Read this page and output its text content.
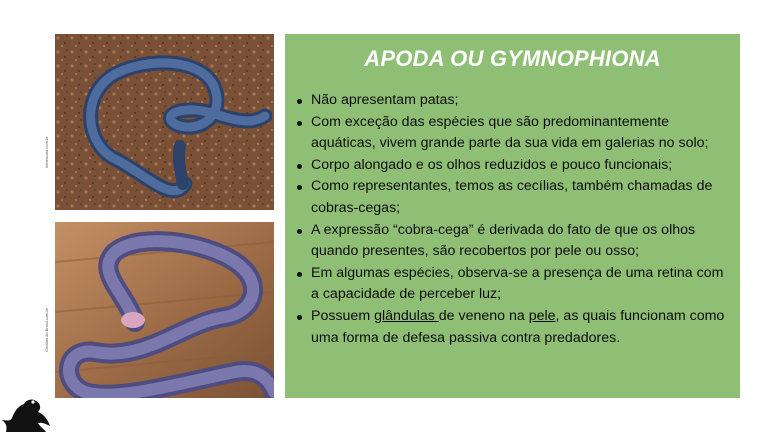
Infoescola.com.br
Cecilias do Brasil.com.br
APODA OU GYMNOPHIONA
Não apresentam patas;
Com exceção das espécies que são predominantemente aquáticas, vivem grande parte da sua vida em galerias no solo;
Corpo alongado e os olhos reduzidos e pouco funcionais;
Como representantes, temos as cecílias, também chamadas de cobras-cegas;
A expressão “cobra-cega” é derivada do fato de que os olhos quando presentes, são recobertos por pele ou osso;
Em algumas espécies, observa-se a presença de uma retina com a capacidade de perceber luz;
Possuem glândulas de veneno na pele, as quais funcionam como uma forma de defesa passiva contra predadores.
